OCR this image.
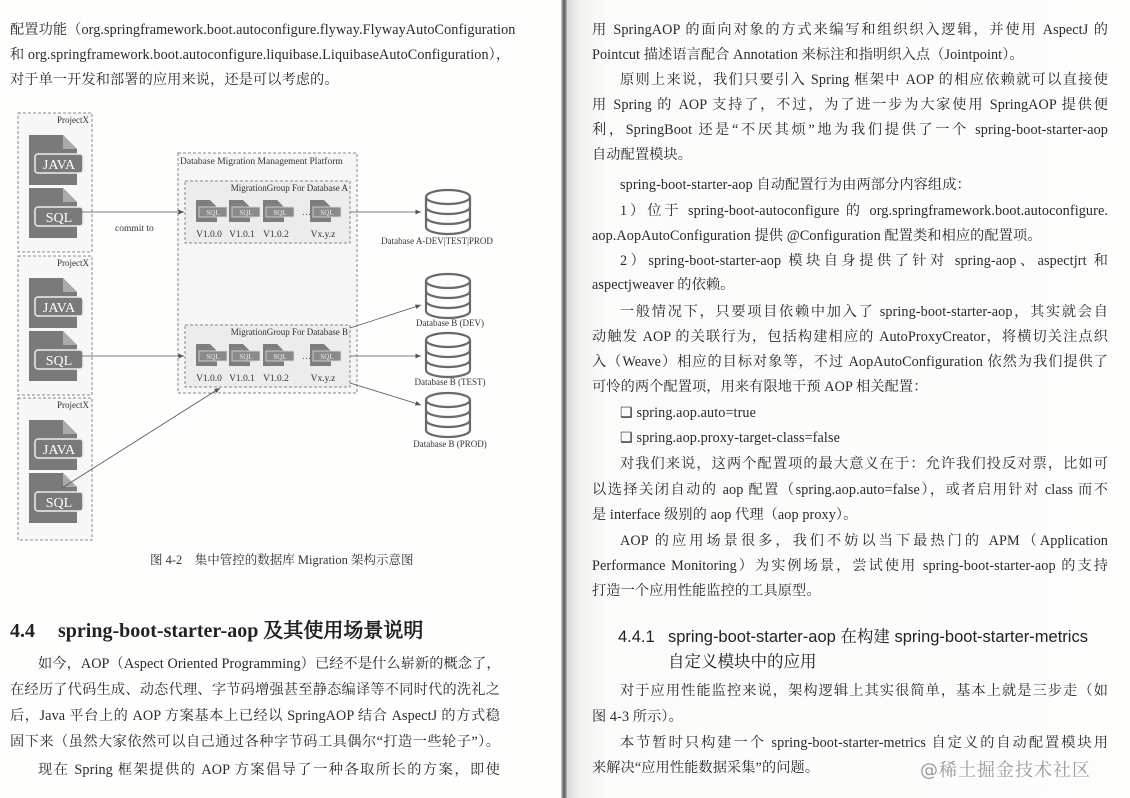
配置功能（org.springframework.boot.autoconfigure.flyway.FlywayAutoConfiguration
和 org.springframework.boot.autoconfigure.liquibase.LiquibaseAutoConfiguration），
对于单一开发和部署的应用来说，还是可以考虑的。
ProjectX
JAVA
SQL
ProjectX
JAVA
SQL
ProjectX
JAVA
SQL
Database Migration Management Platform
MigrationGroup For Database A
SQL
V1.0.0
SQL
V1.0.1
SQL
V1.0.2
SQL
Vx.y.z
…
MigrationGroup For Database B
SQL
V1.0.0
SQL
V1.0.1
SQL
V1.0.2
SQL
Vx.y.z
…
Database A-DEV|TEST|PROD
Database B (DEV)
Database B (TEST)
Database B (PROD)
commit to
图 4-2　集中管控的数据库 Migration 架构示意图
4.4 spring-boot-starter-aop 及其使用场景说明
如今，AOP（Aspect Oriented Programming）已经不是什么崭新的概念了，
在经历了代码生成、动态代理、字节码增强甚至静态编译等不同时代的洗礼之
后，Java 平台上的 AOP 方案基本上已经以 SpringAOP 结合 AspectJ 的方式稳
固下来（虽然大家依然可以自己通过各种字节码工具偶尔“打造一些轮子”）。
现在 Spring 框架提供的 AOP 方案倡导了一种各取所长的方案，即使
用 SpringAOP 的面向对象的方式来编写和组织织入逻辑，并使用 AspectJ 的
Pointcut 描述语言配合 Annotation 来标注和指明织入点（Jointpoint）。
原则上来说，我们只要引入 Spring 框架中 AOP 的相应依赖就可以直接使
用 Spring 的 AOP 支持了，不过，为了进一步为大家使用 SpringAOP 提供便
利，SpringBoot 还是“不厌其烦”地为我们提供了一个 spring-boot-starter-aop
自动配置模块。
spring-boot-starter-aop 自动配置行为由两部分内容组成：
1）位于 spring-boot-autoconfigure 的 org.springframework.boot.autoconfigure.
aop.AopAutoConfiguration 提供 @Configuration 配置类和相应的配置项。
2）spring-boot-starter-aop 模块自身提供了针对 spring-aop、aspectjrt 和
aspectjweaver 的依赖。
一般情况下，只要项目依赖中加入了 spring-boot-starter-aop，其实就会自
动触发 AOP 的关联行为，包括构建相应的 AutoProxyCreator，将横切关注点织
入（Weave）相应的目标对象等，不过 AopAutoConfiguration 依然为我们提供了
可怜的两个配置项，用来有限地干预 AOP 相关配置：
❑ spring.aop.auto=true
❑ spring.aop.proxy-target-class=false
对我们来说，这两个配置项的最大意义在于：允许我们投反对票，比如可
以选择关闭自动的 aop 配置（spring.aop.auto=false），或者启用针对 class 而不
是 interface 级别的 aop 代理（aop proxy）。
AOP 的应用场景很多，我们不妨以当下最热门的 APM（Application
Performance Monitoring）为实例场景，尝试使用 spring-boot-starter-aop 的支持
打造一个应用性能监控的工具原型。
4.4.1 spring-boot-starter-aop 在构建 spring-boot-starter-metrics
自定义模块中的应用
对于应用性能监控来说，架构逻辑上其实很简单，基本上就是三步走（如
图 4-3 所示）。
本节暂时只构建一个 spring-boot-starter-metrics 自定义的自动配置模块用
来解决“应用性能数据采集”的问题。	@稀土掘金技术社区
